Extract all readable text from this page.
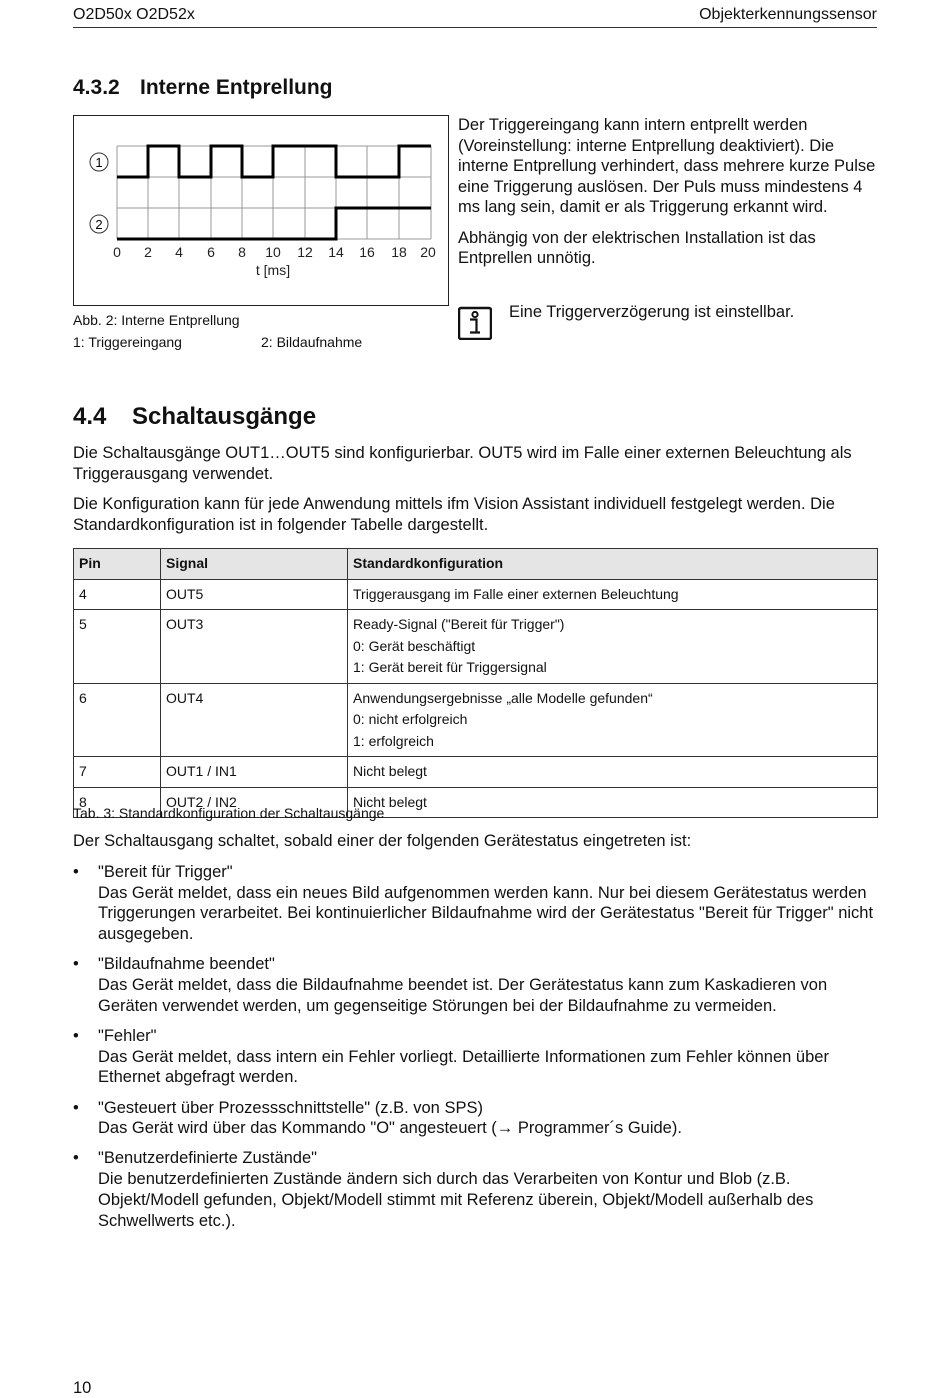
O2D50x O2D52x	Objekterkennungssensor
4.3.2 Interne Entprellung
1
2
0 2 4 6 8 10 12 14 16 18 20
t [ms]
Abb. 2: Interne Entprellung
1: Triggereingang	2: Bildaufnahme

Der Triggereingang kann intern entprellt werden (Voreinstellung: interne Entprellung deaktiviert). Die interne Entprellung verhindert, dass mehrere kurze Pulse eine Triggerung auslösen. Der Puls muss mindestens 4 ms lang sein, damit er als Triggerung erkannt wird.

Abhängig von der elektrischen Installation ist das Entprellen unnötig.

Eine Triggerverzögerung ist einstellbar.
4.4 Schaltausgänge

Die Schaltausgänge OUT1…OUT5 sind konfigurierbar. OUT5 wird im Falle einer externen Beleuchtung als Triggerausgang verwendet.

Die Konfiguration kann für jede Anwendung mittels ifm Vision Assistant individuell festgelegt werden. Die Standardkonfiguration ist in folgender Tabelle dargestellt.

Pin	Signal	Standardkonfiguration
4	OUT5	Triggerausgang im Falle einer externen Beleuchtung

5	OUT3	Ready-Signal ("Bereit für Trigger")
0: Gerät beschäftigt
1: Gerät bereit für Triggersignal

6	OUT4	Anwendungsergebnisse „alle Modelle gefunden“
0: nicht erfolgreich
1: erfolgreich

7	OUT1 / IN1	Nicht belegt

8	OUT2 / IN2	Nicht belegt
Tab. 3: Standardkonfiguration der Schaltausgänge
Der Schaltausgang schaltet, sobald einer der folgenden Gerätestatus eingetreten ist:
• "Bereit für Trigger"
Das Gerät meldet, dass ein neues Bild aufgenommen werden kann. Nur bei diesem Gerätestatus werden Triggerungen verarbeitet. Bei kontinuierlicher Bildaufnahme wird der Gerätestatus "Bereit für Trigger" nicht ausgegeben.
• "Bildaufnahme beendet"
Das Gerät meldet, dass die Bildaufnahme beendet ist. Der Gerätestatus kann zum Kaskadieren von Geräten verwendet werden, um gegenseitige Störungen bei der Bildaufnahme zu vermeiden.
• "Fehler"
Das Gerät meldet, dass intern ein Fehler vorliegt. Detaillierte Informationen zum Fehler können über Ethernet abgefragt werden.
• "Gesteuert über Prozessschnittstelle" (z.B. von SPS)
Das Gerät wird über das Kommando "O" angesteuert (→ Programmer´s Guide).
• "Benutzerdefinierte Zustände"
Die benutzerdefinierten Zustände ändern sich durch das Verarbeiten von Kontur und Blob (z.B. Objekt/Modell gefunden, Objekt/Modell stimmt mit Referenz überein, Objekt/Modell außerhalb des Schwellwerts etc.).
10
